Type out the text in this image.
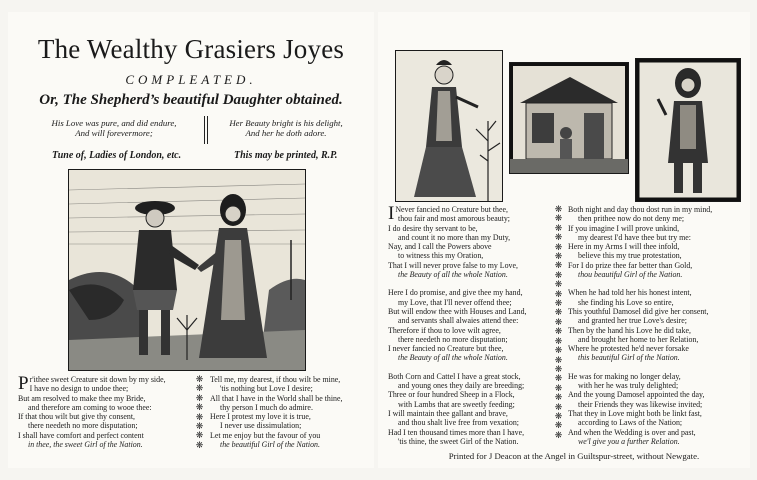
The Wealthy Grasiers Joyes
COMPLEATED.
Or, The Shepherd’s beautiful Daughter obtained.
His Love was pure, and did endure,
And will forevermore;
Her Beauty bright is his delight,
And her he doth adore.
Tune of, Ladies of London, etc.	This may be printed, R.P.

Pr'ithee sweet Creature sit down by my side,

I have no design to undoe thee;

But am resolved to make thee my Bride,

and therefore am coming to wooe thee:

If that thou wilt but give thy consent,

there needeth no more disputation;

I shall have comfort and perfect content

in thee, the sweet Girl of the Nation.

❋
❋
❋
❋
❋
❋
❋
❋

Tell me, my dearest, if thou wilt be mine,

'tis nothing but Love I desire;

All that I have in the World shall be thine,

thy person I much do admire.

Here I protest my love it is true,

I never use dissimulation;

Let me enjoy but the favour of you

the beautiful Girl of the Nation.

I Never fancied no Creature but thee,

thou fair and most amorous beauty;

I do desire thy servant to be,

and count it no more than my Duty,

Nay, and I call the Powers above

to witness this my Oration,

That I will never prove false to my Love,

the Beauty of all the whole Nation.

Here I do promise, and give thee my hand,

my Love, that I'll never offend thee;

But will endow thee with Houses and Land,

and servants shall alwaies attend thee:

Therefore if thou to love wilt agree,

there needeth no more disputation;

I never fancied no Creature but thee,

the Beauty of all the whole Nation.

Both Corn and Cattel I have a great stock,

and young ones they daily are breeding;

Three or four hundred Sheep in a Flock,

with Lambs that are sweetly feeding;

I will maintain thee gallant and brave,

and thou shalt live free from vexation;

Had I ten thousand times more than I have,

'tis thine, the sweet Girl of the Nation.

❋
❋
❋
❋
❋
❋
❋
❋
❋
❋
❋
❋
❋
❋
❋
❋
❋
❋
❋
❋
❋
❋
❋
❋
❋

Both night and day thou dost run in my mind,

then prithee now do not deny me;

If you imagine I will prove unkind,

my dearest I'd have thee but try me:

Here in my Arms I will thee infold,

believe this my true protestation,

For I do prize thee far better than Gold,

thou beautiful Girl of the Nation.

When he had told her his honest intent,

she finding his Love so entire,

This youthful Damosel did give her consent,

and granted her true Love's desire;

Then by the hand his Love he did take,

and brought her home to her Relation,

Where he protested he'd never forsake

this beautiful Girl of the Nation.

He was for making no longer delay,

with her he was truly delighted;

And the young Damosel appointed the day,

their Friends they was likewise invited;

That they in Love might both be linkt fast,

according to Laws of the Nation;

And when the Wedding is over and past,

we'l give you a further Relation.

Printed for J Deacon at the Angel in Guiltspur-street, without Newgate.
